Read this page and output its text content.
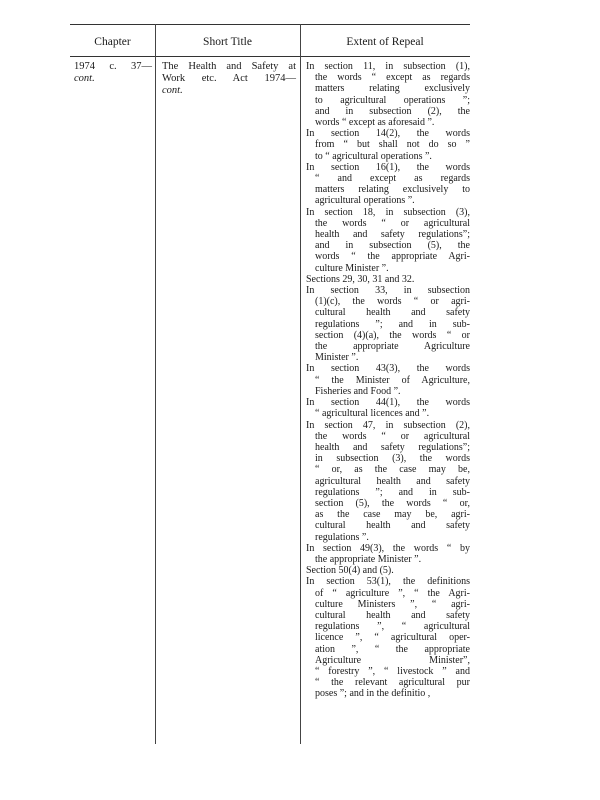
Chapter	Short Title	Extent of Repeal
1974 c. 37—
cont.
The Health and Safety at
Work etc. Act 1974—
cont.
In section 11, in subsection (1),
the words “ except as regards
matters relating exclusively
to agricultural operations ”;
and in subsection (2), the
words “ except as aforesaid ”.
In section 14(2), the words
from “ but shall not do so ”
to “ agricultural operations ”.
In section 16(1), the words
“ and except as regards
matters relating exclusively to
agricultural operations ”.
In section 18, in subsection (3),
the words “ or agricultural
health and safety regulations”;
and in subsection (5), the
words “ the appropriate Agri-
culture Minister ”.
Sections 29, 30, 31 and 32.
In section 33, in subsection
(1)(c), the words “ or agri-
cultural health and safety
regulations ”; and in sub-
section (4)(a), the words “ or
the appropriate Agriculture
Minister ”.
In section 43(3), the words
“ the Minister of Agriculture,
Fisheries and Food ”.
In section 44(1), the words
“ agricultural licences and ”.
In section 47, in subsection (2),
the words “ or agricultural
health and safety regulations”;
in subsection (3), the words
“ or, as the case may be,
agricultural health and safety
regulations ”; and in sub-
section (5), the words “ or,
as the case may be, agri-
cultural health and safety
regulations ”.
In section 49(3), the words “ by
the appropriate Minister ”.
Section 50(4) and (5).
In section 53(1), the definitions
of “ agriculture ”, “ the Agri-
culture Ministers ”, “ agri-
cultural health and safety
regulations ”, “ agricultural
licence ”, “ agricultural oper-
ation ”, “ the appropriate
Agriculture Minister”,
“ forestry ”, “ livestock ” and
“ the relevant agricultural pur
poses ”; and in the definitio ,
